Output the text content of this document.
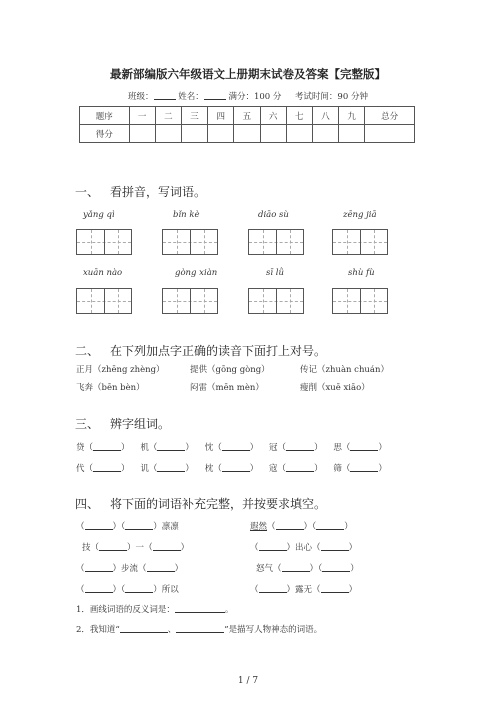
最新部编版六年级语文上册期末试卷及答案【完整版】
班级：	姓名：	满分：100 分 考试时间：90 分钟
题序	一	二	三	四	五	六	七	八	九	总分
得分										
一、 看拼音，写词语。
yǎng qì	bǐn kè	diāo sù	zēng jiā
xuān nào	gòng xiàn	sī lǜ	shù fù
二、 在下列加点字正确的读音下面打上对号。
正月（zhēng zhèng）	提供（gōng gòng）	传记（zhuàn chuán）
飞奔（bēn bèn）	闷雷（mēn mèn）	瘦削（xuē xiāo）
三、 辨字组词。
贷（	）    机（	）    忱（	）    冠（	）    思（	）
代（	）    讥（	）    枕（	）    寇（	）    筛（	）
四、 将下面的词语补充完整，并按要求填空。
（	）（	）凛凛	遐然（	）（	）
技（	）一（	）	（	）出心（	）
（	）步流（	）	怒气（	）（	）
（	）（	）所以	（	）露无（	）
1．画线词语的反义词是：	。
2．我知道“	、	”是描写人物神态的词语。
1 / 7
